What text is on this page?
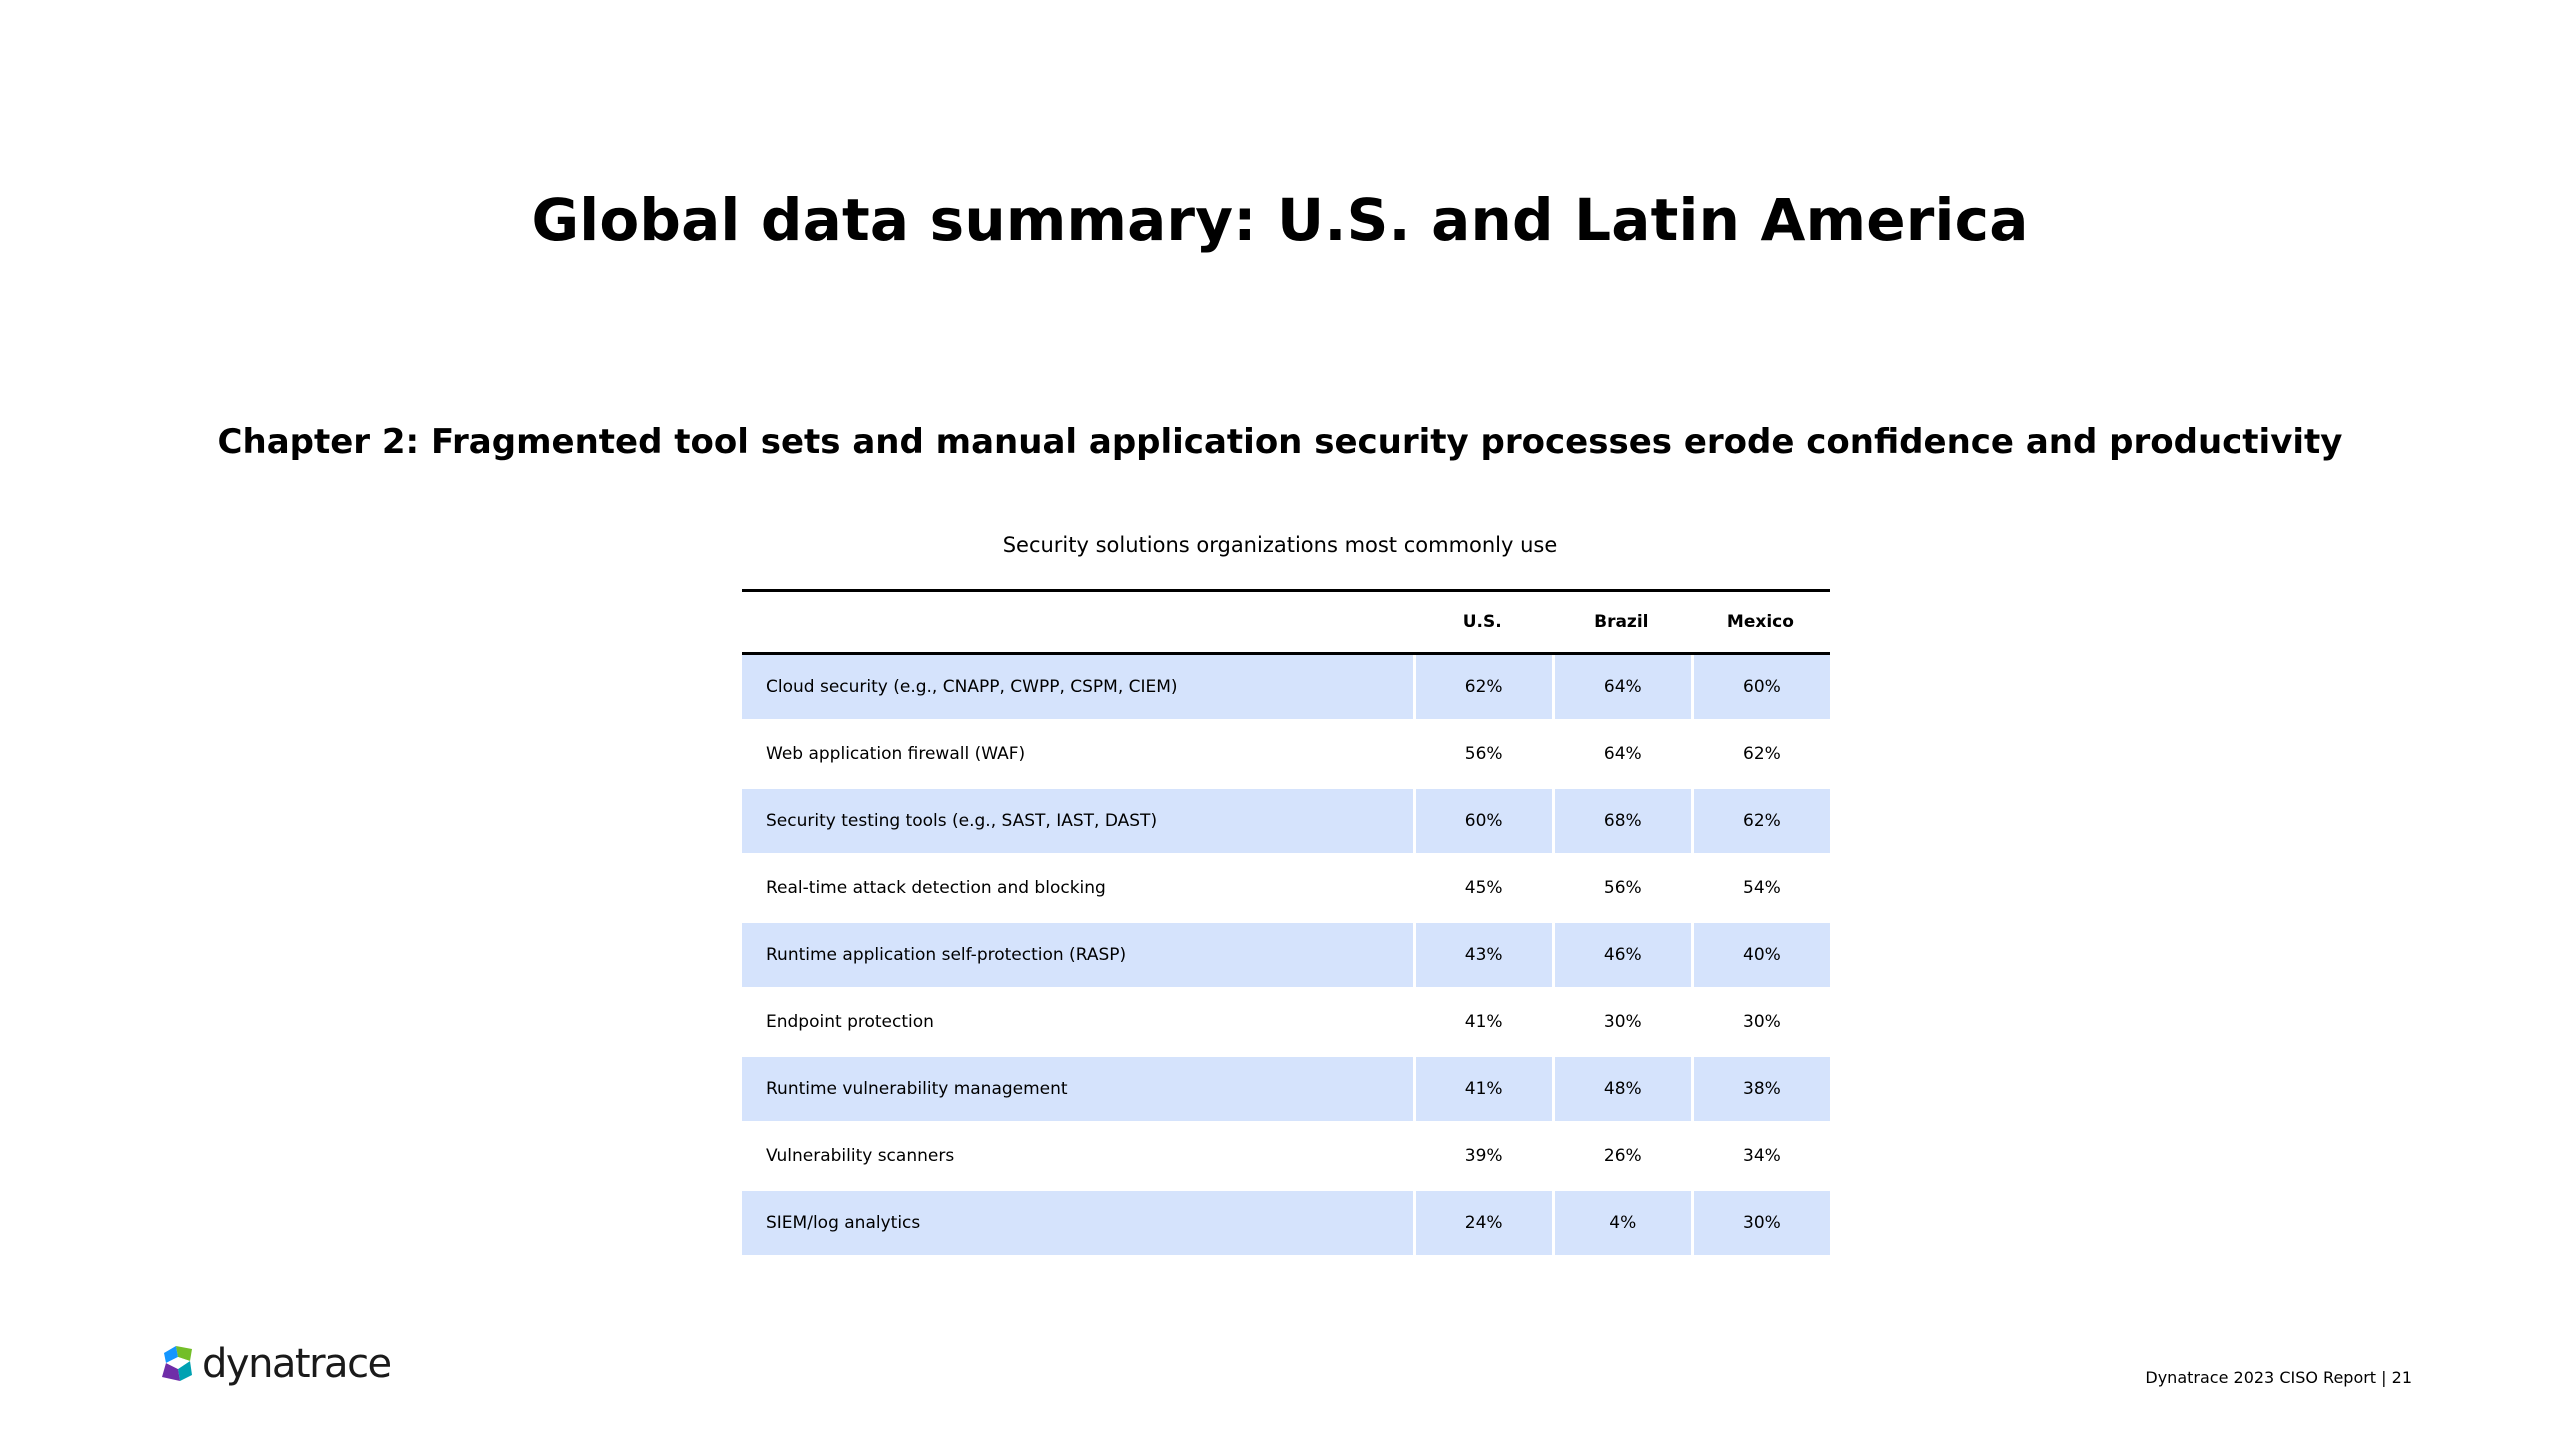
Global data summary: U.S. and Latin America
Chapter 2: Fragmented tool sets and manual application security processes erode confidence and productivity

Security solutions organizations most commonly use

	U.S.	Brazil	Mexico
Cloud security (e.g., CNAPP, CWPP, CSPM, CIEM)	62%	64%	60%
Web application firewall (WAF)	56%	64%	62%
Security testing tools (e.g., SAST, IAST, DAST)	60%	68%	62%
Real-time attack detection and blocking	45%	56%	54%
Runtime application self-protection (RASP)	43%	46%	40%
Endpoint protection	41%	30%	30%
Runtime vulnerability management	41%	48%	38%
Vulnerability scanners	39%	26%	34%
SIEM/log analytics	24%	4%	30%
dynatrace	Dynatrace 2023 CISO Report | 21
